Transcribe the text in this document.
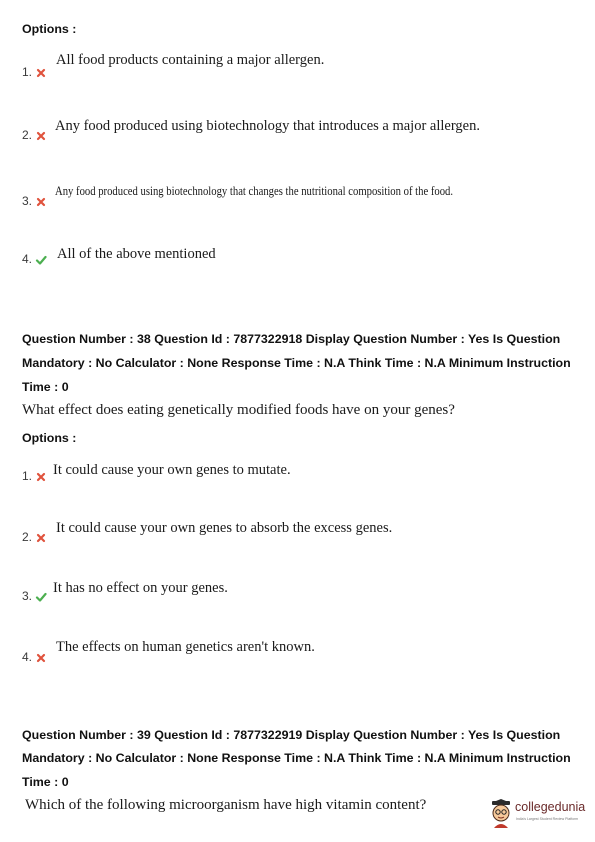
Options :
1.
All food products containing a major allergen.
2.
Any food produced using biotechnology that introduces a major allergen.
3.
Any food produced using biotechnology that changes the nutritional composition of the food.
4. All of the above mentioned
Question Number : 38 Question Id : 7877322918 Display Question Number : Yes Is Question
Mandatory : No Calculator : None Response Time : N.A Think Time : N.A Minimum Instruction
Time : 0
What effect does eating genetically modified foods have on your genes?
Options :
1. It could cause your own genes to mutate.
2.
It could cause your own genes to absorb the excess genes.
3. It has no effect on your genes.
4.
The effects on human genetics aren't known.
Question Number : 39 Question Id : 7877322919 Display Question Number : Yes Is Question
Mandatory : No Calculator : None Response Time : N.A Think Time : N.A Minimum Instruction
Time : 0
Which of the following microorganism have high vitamin content?	collegedunia
India's Largest Student Review Platform
